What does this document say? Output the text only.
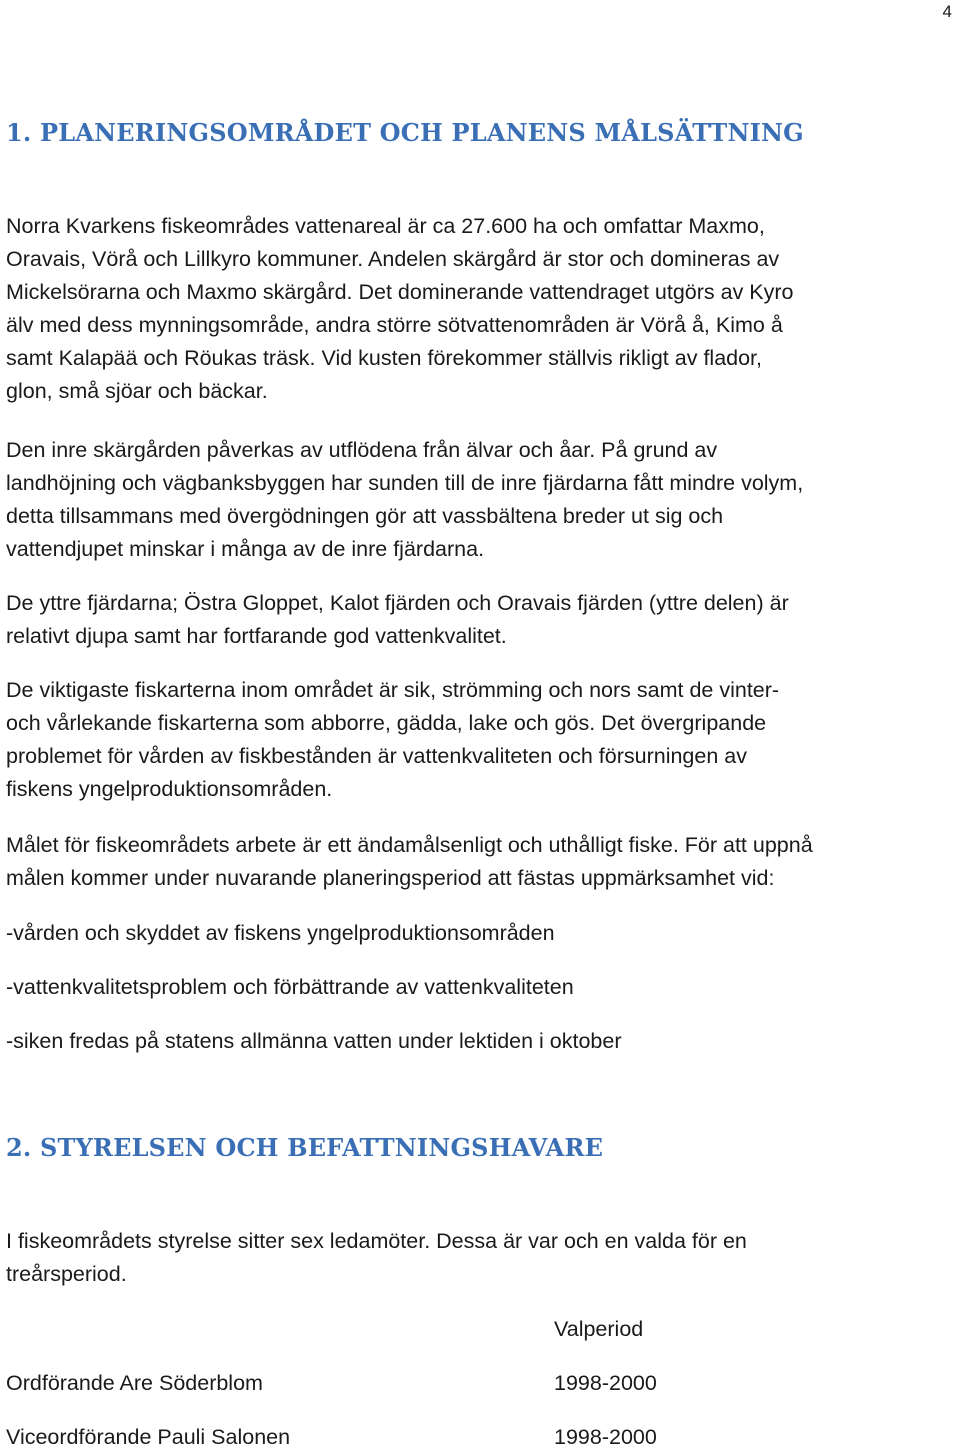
4
1. PLANERINGSOMRÅDET OCH PLANENS MÅLSÄTTNING

Norra Kvarkens fiskeområdes vattenareal är ca 27.600 ha och omfattar Maxmo,
Oravais, Vörå och Lillkyro kommuner. Andelen skärgård är stor och domineras av
Mickelsörarna och Maxmo skärgård. Det dominerande vattendraget utgörs av Kyro
älv med dess mynningsområde, andra större sötvattenområden är Vörå å, Kimo å
samt Kalapää och Röukas träsk. Vid kusten förekommer ställvis rikligt av flador,
glon, små sjöar och bäckar.

Den inre skärgården påverkas av utflödena från älvar och åar. På grund av
landhöjning och vägbanksbyggen har sunden till de inre fjärdarna fått mindre volym,
detta tillsammans med övergödningen gör att vassbältena breder ut sig och
vattendjupet minskar i många av de inre fjärdarna.

De yttre fjärdarna; Östra Gloppet, Kalot fjärden och Oravais fjärden (yttre delen) är
relativt djupa samt har fortfarande god vattenkvalitet.

De viktigaste fiskarterna inom området är sik, strömming och nors samt de vinter-
och vårlekande fiskarterna som abborre, gädda, lake och gös. Det övergripande
problemet för vården av fiskbestånden är vattenkvaliteten och försurningen av
fiskens yngelproduktionsområden.

Målet för fiskeområdets arbete är ett ändamålsenligt och uthålligt fiske. För att uppnå
målen kommer under nuvarande planeringsperiod att fästas uppmärksamhet vid:

-vården och skyddet av fiskens yngelproduktionsområden

-vattenkvalitetsproblem och förbättrande av vattenkvaliteten

-siken fredas på statens allmänna vatten under lektiden i oktober

2. STYRELSEN OCH BEFATTNINGSHAVARE

I fiskeområdets styrelse sitter sex ledamöter. Dessa är var och en valda för en
treårsperiod.

Valperiod
Ordförande Are Söderblom	1998-2000
Viceordförande Pauli Salonen	1998-2000
